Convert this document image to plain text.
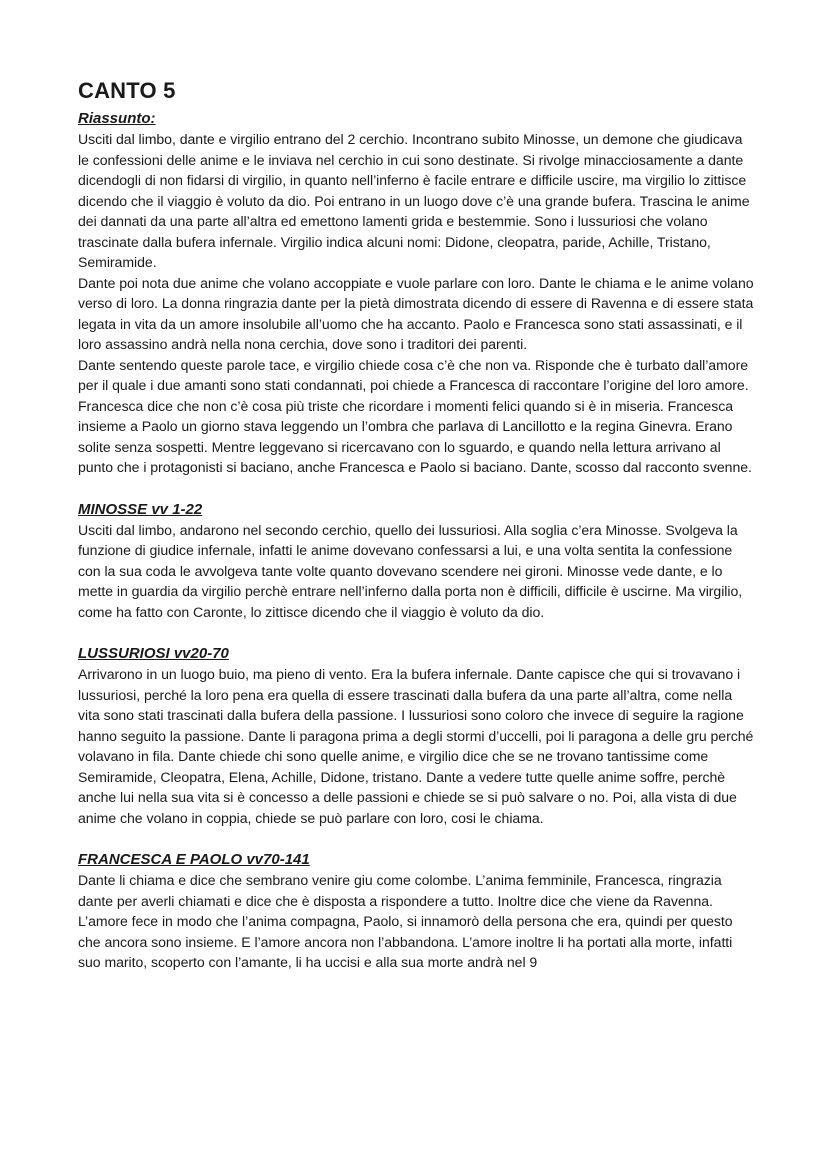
CANTO 5
Riassunto:

Usciti dal limbo, dante e virgilio entrano del 2 cerchio. Incontrano subito Minosse, un demone che giudicava le confessioni delle anime e le inviava nel cerchio in cui sono destinate. Si rivolge minacciosamente a dante dicendogli di non fidarsi di virgilio, in quanto nell’inferno è facile entrare e difficile uscire, ma virgilio lo zittisce dicendo che il viaggio è voluto da dio. Poi entrano in un luogo dove c’è una grande bufera. Trascina le anime dei dannati da una parte all’altra ed emettono lamenti grida e bestemmie. Sono i lussuriosi che volano trascinate dalla bufera infernale. Virgilio indica alcuni nomi: Didone, cleopatra, paride, Achille, Tristano, Semiramide.

Dante poi nota due anime che volano accoppiate e vuole parlare con loro. Dante le chiama e le anime volano verso di loro. La donna ringrazia dante per la pietà dimostrata dicendo di essere di Ravenna e di essere stata legata in vita da un amore insolubile all’uomo che ha accanto. Paolo e Francesca sono stati assassinati, e il loro assassino andrà nella nona cerchia, dove sono i traditori dei parenti.

Dante sentendo queste parole tace, e virgilio chiede cosa c’è che non va. Risponde che è turbato dall’amore per il quale i due amanti sono stati condannati, poi chiede a Francesca di raccontare l’origine del loro amore. Francesca dice che non c’è cosa più triste che ricordare i momenti felici quando si è in miseria. Francesca insieme a Paolo un giorno stava leggendo un l’ombra che parlava di Lancillotto e la regina Ginevra. Erano solite senza sospetti. Mentre leggevano si ricercavano con lo sguardo, e quando nella lettura arrivano al punto che i protagonisti si baciano, anche Francesca e Paolo si baciano. Dante, scosso dal racconto svenne.

MINOSSE vv 1-22

Usciti dal limbo, andarono nel secondo cerchio, quello dei lussuriosi. Alla soglia c’era Minosse. Svolgeva la funzione di giudice infernale, infatti le anime dovevano confessarsi a lui, e una volta sentita la confessione con la sua coda le avvolgeva tante volte quanto dovevano scendere nei gironi. Minosse vede dante, e lo mette in guardia da virgilio perchè entrare nell’inferno dalla porta non è difficili, difficile è uscirne. Ma virgilio, come ha fatto con Caronte, lo zittisce dicendo che il viaggio è voluto da dio.

LUSSURIOSI vv20-70

Arrivarono in un luogo buio, ma pieno di vento. Era la bufera infernale. Dante capisce che qui si trovavano i lussuriosi, perché la loro pena era quella di essere trascinati dalla bufera da una parte all’altra, come nella vita sono stati trascinati dalla bufera della passione. I lussuriosi sono coloro che invece di seguire la ragione hanno seguito la passione. Dante li paragona prima a degli stormi d’uccelli, poi li paragona a delle gru perché volavano in fila. Dante chiede chi sono quelle anime, e virgilio dice che se ne trovano tantissime come Semiramide, Cleopatra, Elena, Achille, Didone, tristano. Dante a vedere tutte quelle anime soffre, perchè anche lui nella sua vita si è concesso a delle passioni e chiede se si può salvare o no. Poi, alla vista di due anime che volano in coppia, chiede se può parlare con loro, cosi le chiama.

FRANCESCA E PAOLO vv70-141

Dante li chiama e dice che sembrano venire giu come colombe. L’anima femminile, Francesca, ringrazia dante per averli chiamati e dice che è disposta a rispondere a tutto. Inoltre dice che viene da Ravenna. L’amore fece in modo che l’anima compagna, Paolo, si innamorò della persona che era, quindi per questo che ancora sono insieme. E l’amore ancora non l’abbandona. L’amore inoltre li ha portati alla morte, infatti suo marito, scoperto con l’amante, li ha uccisi e alla sua morte andrà nel 9
